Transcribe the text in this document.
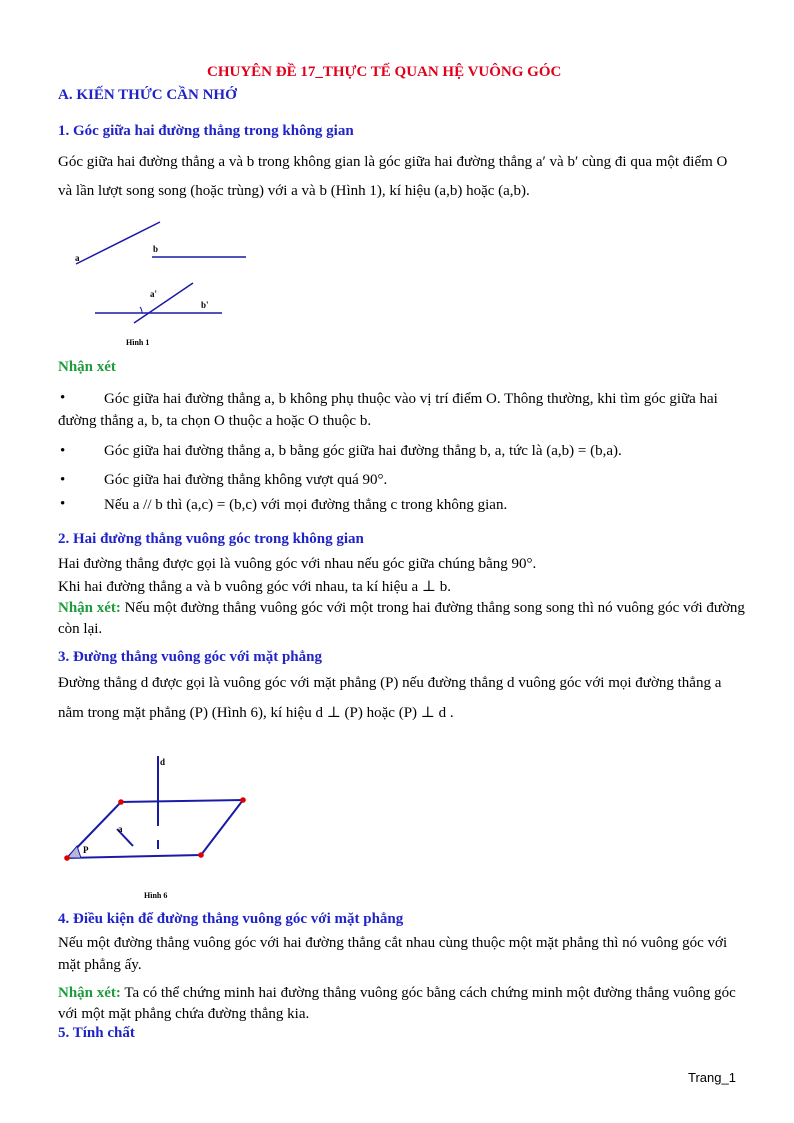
CHUYÊN ĐỀ 17_THỰC TẾ QUAN HỆ VUÔNG GÓC
A. KIẾN THỨC CẦN NHỚ
1. Góc giữa hai đường thẳng trong không gian
Góc giữa hai đường thẳng a và b trong không gian là góc giữa hai đường thẳng a′ và b′ cùng đi qua một điểm O
và lần lượt song song (hoặc trùng) với a và b (Hình 1), kí hiệu (a,b) hoặc (a,b).
a
b
a'
b'
Hình 1
Nhận xét
•	Góc giữa hai đường thẳng a, b không phụ thuộc vào vị trí điểm O. Thông thường, khi tìm góc giữa hai
đường thẳng a, b, ta chọn O thuộc a hoặc O thuộc b.
•	Góc giữa hai đường thẳng a, b bằng góc giữa hai đường thẳng b, a, tức là (a,b) = (b,a).
•	Góc giữa hai đường thẳng không vượt quá 90°.
•	Nếu a // b thì (a,c) = (b,c) với mọi đường thẳng c trong không gian.
2. Hai đường thẳng vuông góc trong không gian
Hai đường thẳng được gọi là vuông góc với nhau nếu góc giữa chúng bằng 90°.
Khi hai đường thẳng a và b vuông góc với nhau, ta kí hiệu a ⊥ b.
Nhận xét: Nếu một đường thẳng vuông góc với một trong hai đường thẳng song song thì nó vuông góc với đường
còn lại.
3. Đường thẳng vuông góc với mặt phẳng
Đường thẳng d được gọi là vuông góc với mặt phẳng (P) nếu đường thẳng d vuông góc với mọi đường thẳng a
nằm trong mặt phẳng (P) (Hình 6), kí hiệu d ⊥ (P) hoặc (P) ⊥ d .
d
a
P
Hình 6
4. Điều kiện để đường thẳng vuông góc với mặt phẳng
Nếu một đường thẳng vuông góc với hai đường thẳng cắt nhau cùng thuộc một mặt phẳng thì nó vuông góc với
mặt phẳng ấy.
Nhận xét: Ta có thể chứng minh hai đường thẳng vuông góc bằng cách chứng minh một đường thẳng vuông góc
với một mặt phẳng chứa đường thẳng kia.
5. Tính chất
Trang_1
